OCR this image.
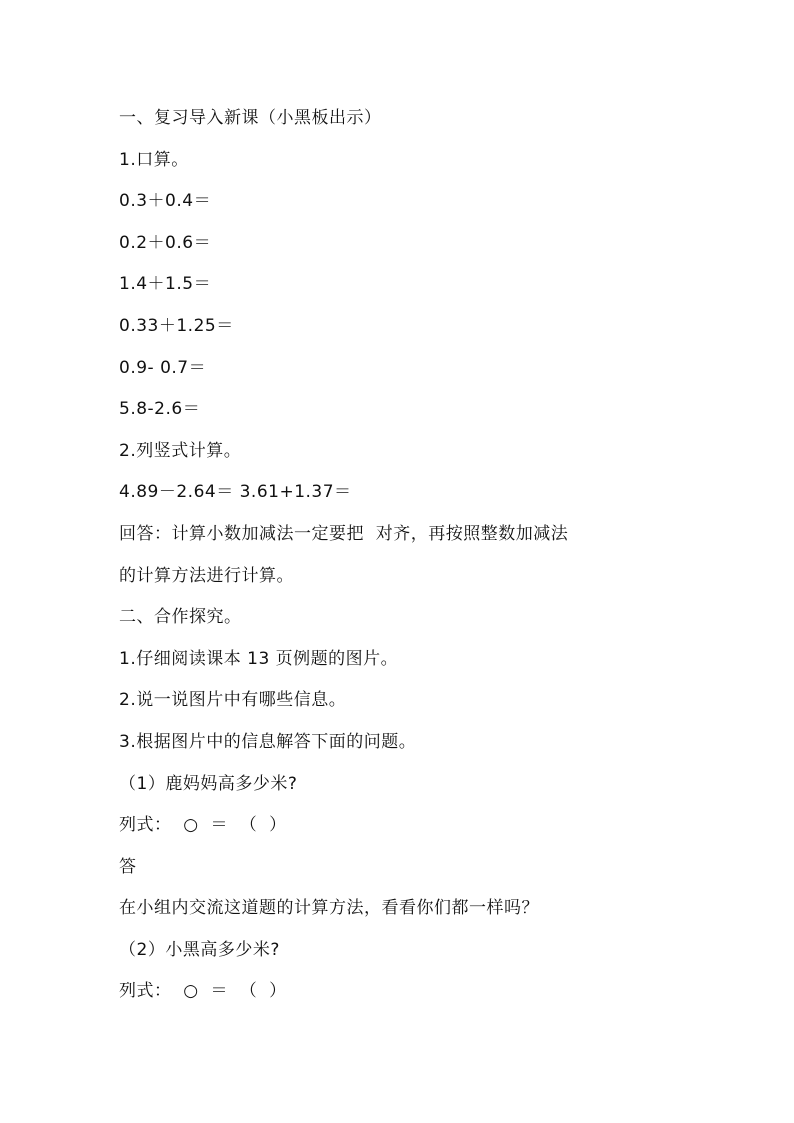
一、复习导入新课（小黑板出示）
1.口算。
0.3＋0.4＝
0.2＋0.6＝
1.4＋1.5＝
0.33＋1.25＝
0.9- 0.7＝
5.8-2.6＝
2.列竖式计算。
4.89－2.64＝ 3.61+1.37＝
回答：计算小数加减法一定要把  对齐，再按照整数加减法
的计算方法进行计算。
二、合作探究。
1.仔细阅读课本 13 页例题的图片。
2.说一说图片中有哪些信息。
3.根据图片中的信息解答下面的问题。
（1）鹿妈妈高多少米?
列式：  ○  ＝  （  ）
答
在小组内交流这道题的计算方法，看看你们都一样吗？
（2）小黑高多少米?
列式：  ○  ＝  （  ）
